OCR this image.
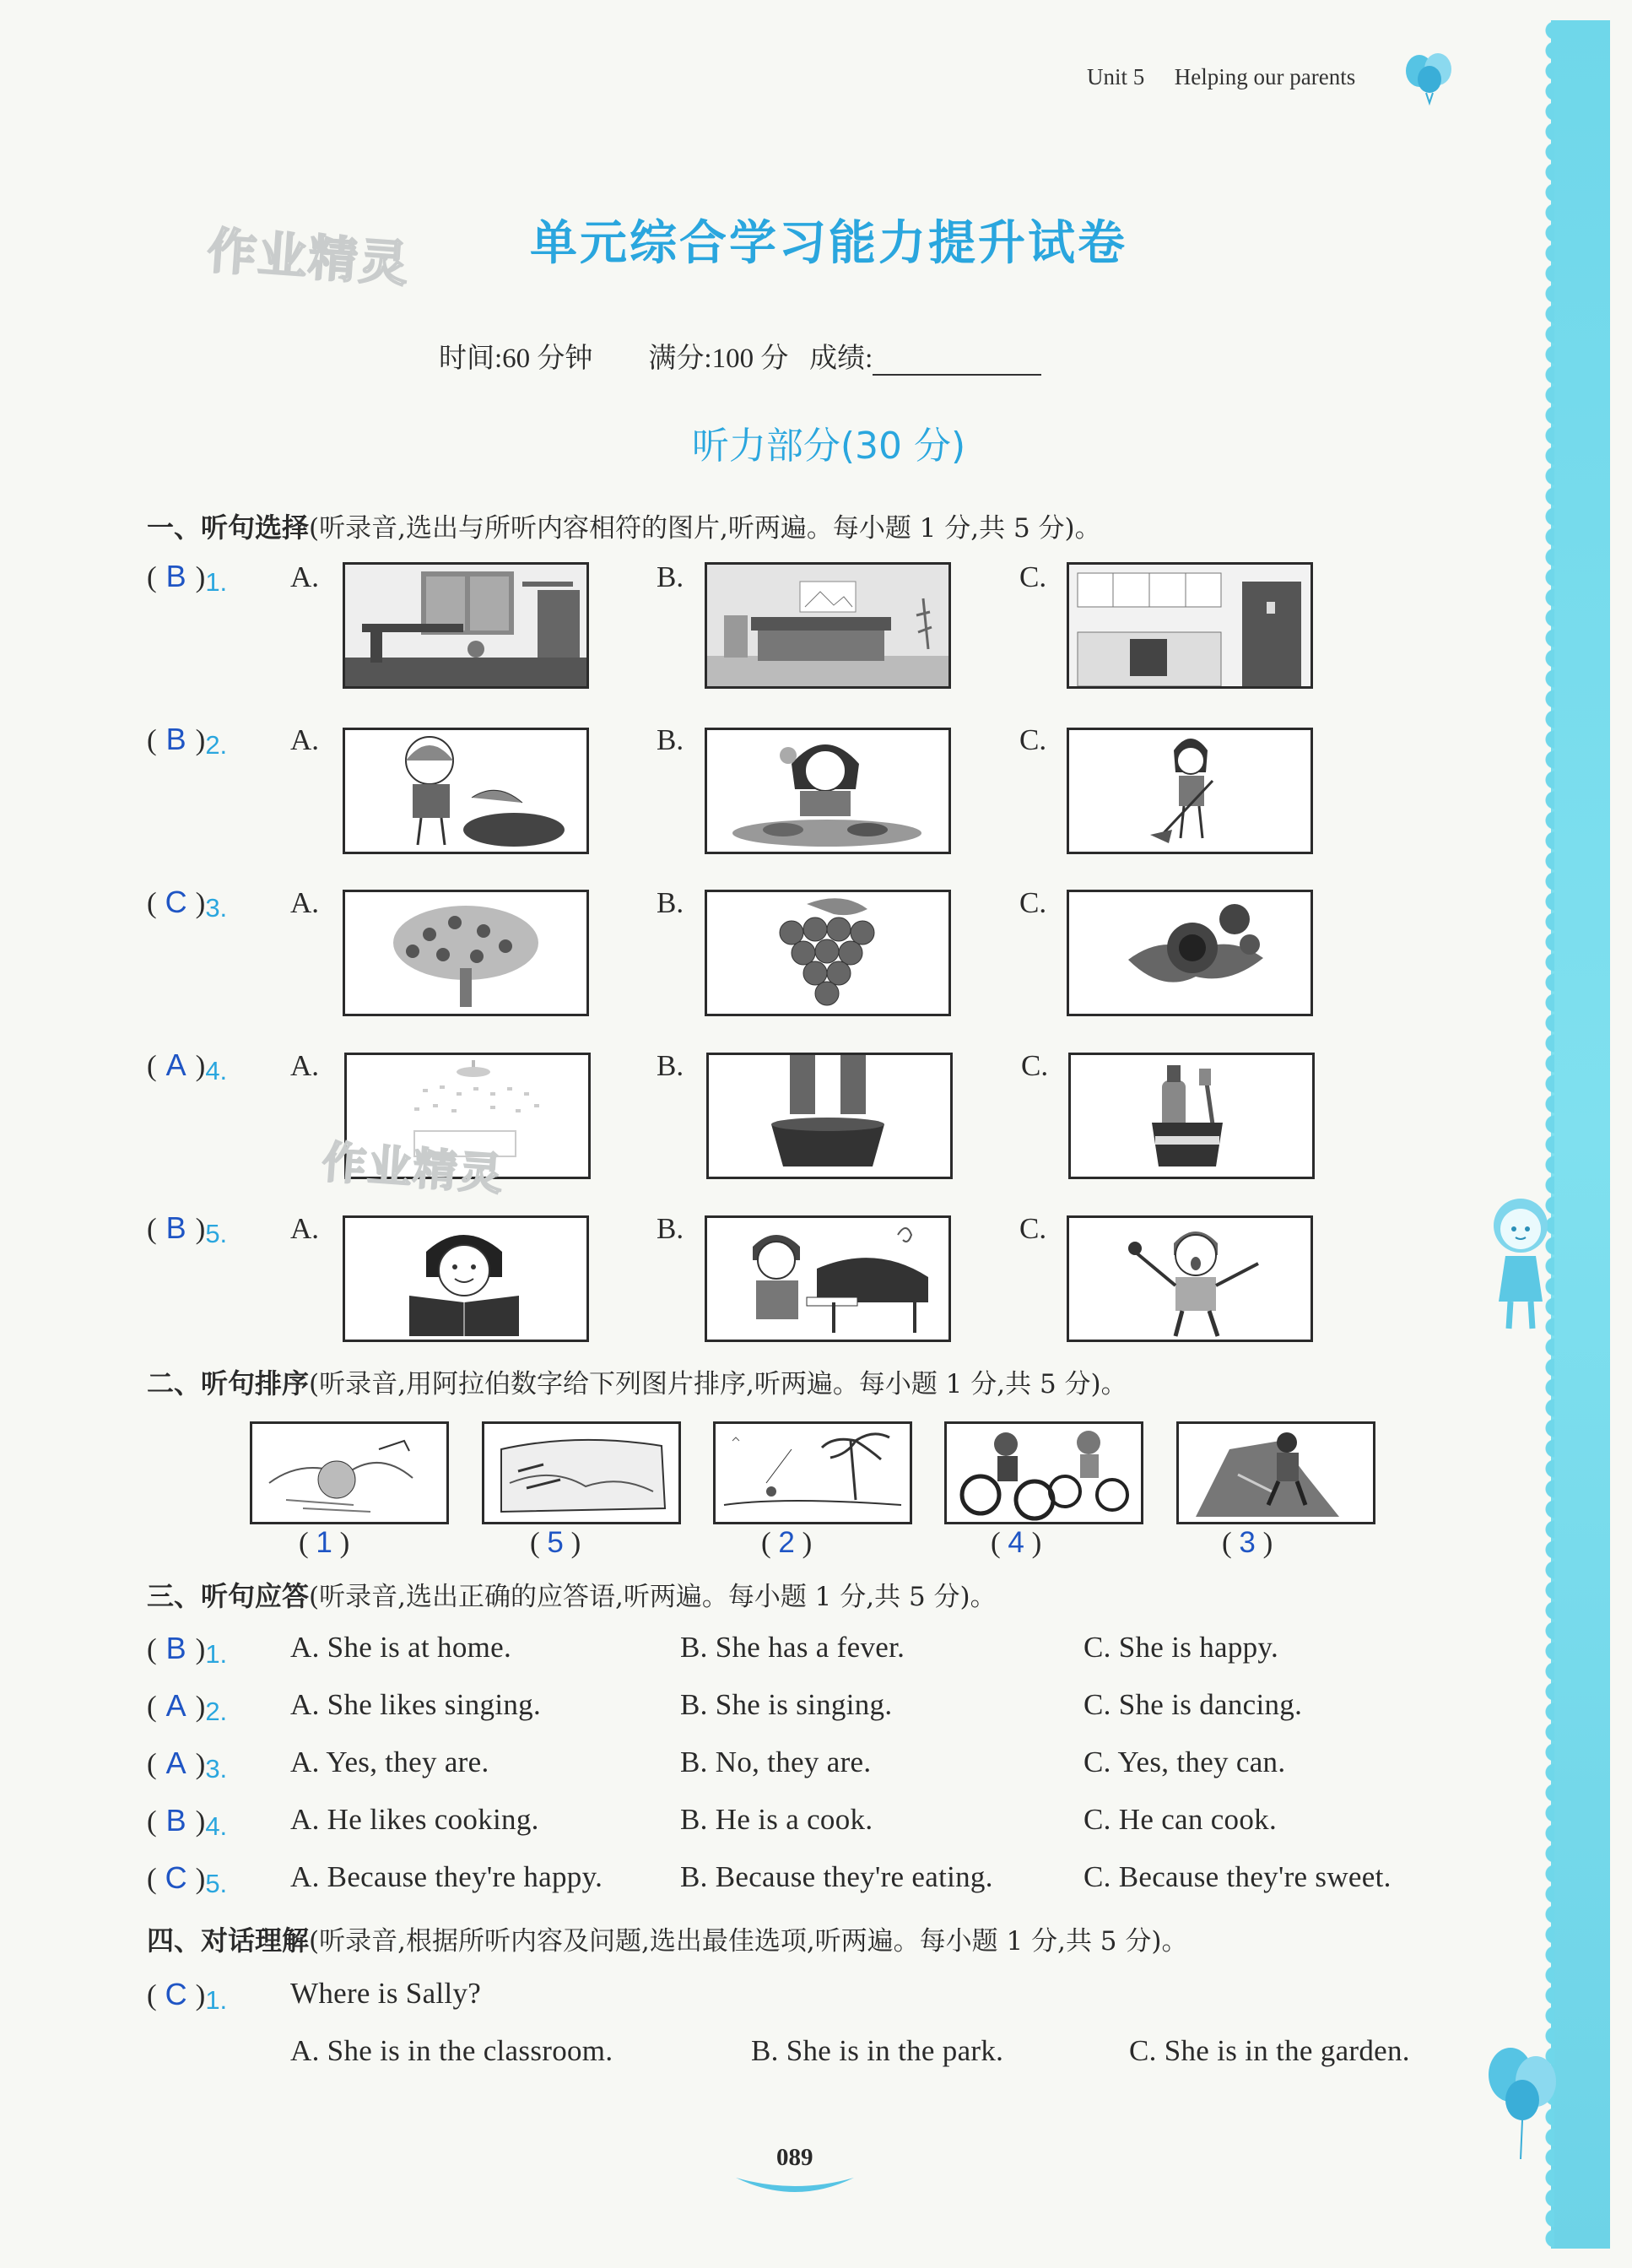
Unit 5 Helping our parents
作业精灵	单元综合学习能力提升试卷
时间:60 分钟 满分:100 分 成绩:
听力部分(30 分)
一、听句选择(听录音,选出与所听内容相符的图片,听两遍。每小题 1 分,共 5 分)。
( B )1. A.	B.	C.
( B )2. A.	B.	C.
( C )3. A.	B.	C.
( A )4. A.	B.	C.
作业精灵
( B )5. A.	B.	C.
二、听句排序(听录音,用阿拉伯数字给下列图片排序,听两遍。每小题 1 分,共 5 分)。
( 1 )	( 5 )	( 2 )	( 4 )	( 3 )
三、听句应答(听录音,选出正确的应答语,听两遍。每小题 1 分,共 5 分)。
( B )1. A. She is at home.	B. She has a fever.	C. She is happy.
( A )2. A. She likes singing.	B. She is singing.	C. She is dancing.
( A )3. A. Yes, they are.	B. No, they are.	C. Yes, they can.
( B )4. A. He likes cooking.	B. He is a cook.	C. He can cook.
( C )5. A. Because they're happy.	B. Because they're eating.	C. Because they're sweet.
四、对话理解(听录音,根据所听内容及问题,选出最佳选项,听两遍。每小题 1 分,共 5 分)。
( C )1. Where is Sally?
A. She is in the classroom.	B. She is in the park.	C. She is in the garden.
089
